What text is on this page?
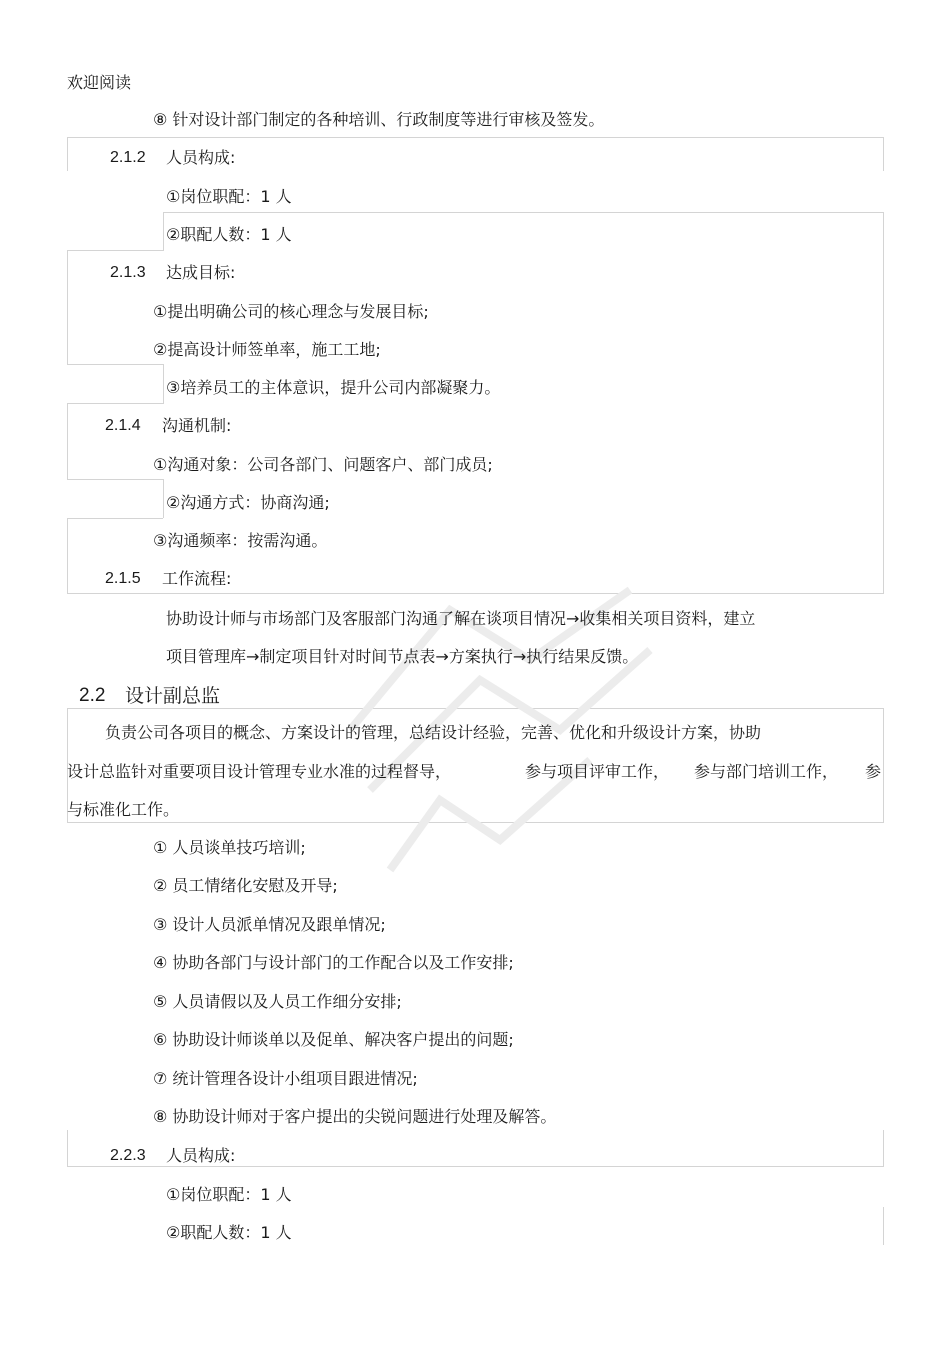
欢迎阅读
⑧ 针对设计部门制定的各种培训、行政制度等进行审核及签发。
2.1.2 人员构成:
①岗位职配：1 人
②职配人数：1 人
2.1.3 达成目标:
①提出明确公司的核心理念与发展目标;
②提高设计师签单率，施工工地;
③培养员工的主体意识，提升公司内部凝聚力。
2.1.4 沟通机制:
①沟通对象：公司各部门、问题客户、部门成员;
②沟通方式：协商沟通;
③沟通频率：按需沟通。
2.1.5 工作流程:
协助设计师与市场部门及客服部门沟通了解在谈项目情况→收集相关项目资料，建立
项目管理库→制定项目针对时间节点表→方案执行→执行结果反馈。
2.2 设计副总监
负责公司各项目的概念、方案设计的管理，总结设计经验，完善、优化和升级设计方案，协助
设计总监针对重要项目设计管理专业水准的过程督导，	参与项目评审工作， 参与部门培训工作， 参
与标准化工作。
① 人员谈单技巧培训;
② 员工情绪化安慰及开导;
③ 设计人员派单情况及跟单情况;
④ 协助各部门与设计部门的工作配合以及工作安排;
⑤ 人员请假以及人员工作细分安排;
⑥ 协助设计师谈单以及促单、解决客户提出的问题;
⑦ 统计管理各设计小组项目跟进情况;
⑧ 协助设计师对于客户提出的尖锐问题进行处理及解答。
2.2.3 人员构成:
①岗位职配：1 人
②职配人数：1 人
